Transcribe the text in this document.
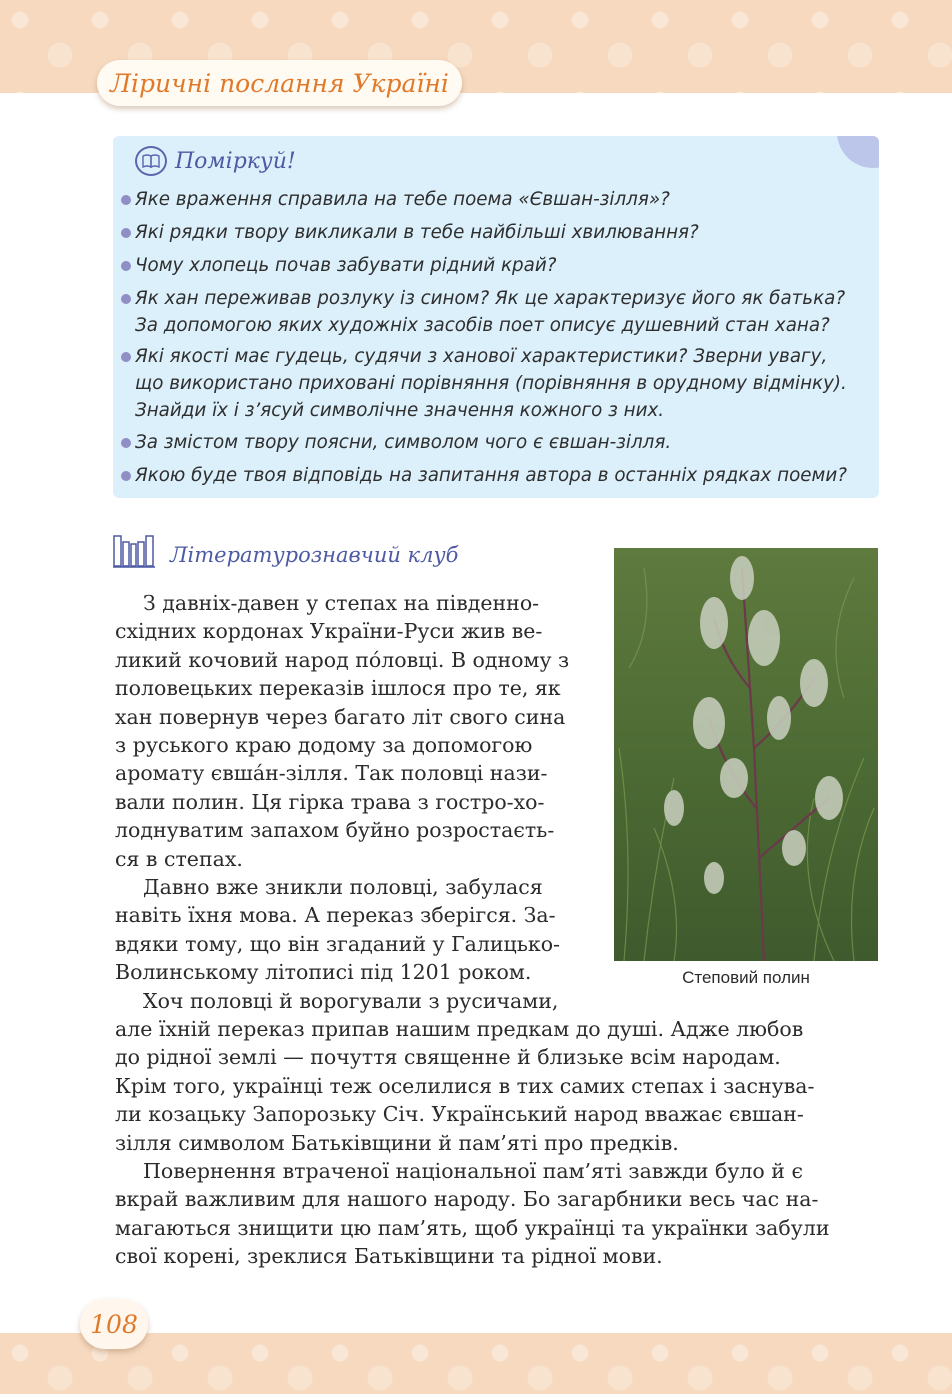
Ліричні послання Україні
Поміркуй!
Яке враження справила на тебе поема «Євшан-зілля»?
Які рядки твору викликали в тебе найбільші хвилювання?
Чому хлопець почав забувати рідний край?
Як хан переживав розлуку із сином? Як це характеризує його як батька?
За допомогою яких художніх засобів поет описує душевний стан хана?
Які якості має гудець, судячи з ханової характеристики? Зверни увагу,
що використано приховані порівняння (порівняння в орудному відмінку).
Знайди їх і з’ясуй символічне значення кожного з них.
За змістом твору поясни, символом чого є євшан-зілля.
Якою буде твоя відповідь на запитання автора в останніх рядках поеми?
Літературознавчий клуб
З давніх-давен у степах на південно-
східних кордонах України-Руси жив ве-
ликий кочовий народ по́ловці. В одному з
половецьких переказів ішлося про те, як
хан повернув через багато літ свого сина
з руського краю додому за допомогою
аромату євша́н-зілля. Так половці нази-
вали полин. Ця гірка трава з гостро-хо-
лоднуватим запахом буйно розростаєть-
ся в степах.
Давно вже зникли половці, забулася
навіть їхня мова. А переказ зберігся. За-
вдяки тому, що він згаданий у Галицько-
Волинському літописі під 1201 роком.
Хоч половці й ворогували з русичами,
Степовий полин
але їхній переказ припав нашим предкам до душі. Адже любов
до рідної землі — почуття священне й близьке всім народам.
Крім того, українці теж оселилися в тих самих степах і заснува-
ли козацьку Запорозьку Січ. Український народ вважає євшан-
зілля символом Батьківщини й пам’яті про предків.
Повернення втраченої національної пам’яті завжди було й є
вкрай важливим для нашого народу. Бо загарбники весь час на-
магаються знищити цю пам’ять, щоб українці та українки забули
свої корені, зреклися Батьківщини та рідної мови.
108
